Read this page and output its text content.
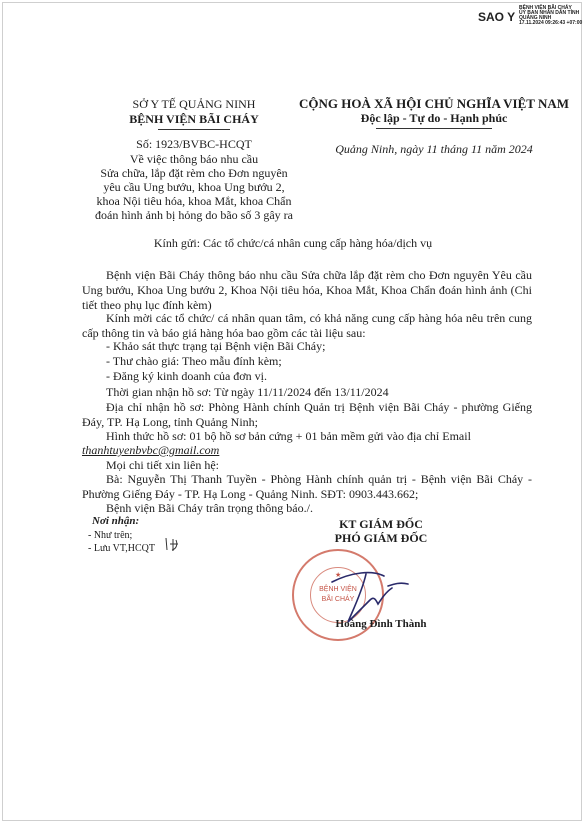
SAO Y
BỆNH VIỆN BÃI CHÁY
ỦY BAN NHÂN DÂN TỈNH
QUẢNG NINH
17.11.2024 09:26:43 +07:00
SỞ Y TẾ QUẢNG NINH
BỆNH VIỆN BÃI CHÁY
Số: 1923/BVBC-HCQT
Về việc thông báo nhu cầu
Sửa chữa, lắp đặt rèm cho Đơn nguyên
yêu cầu Ung bướu, khoa Ung bướu 2,
khoa Nội tiêu hóa, khoa Mắt, khoa Chẩn
đoán hình ảnh bị hỏng do bão số 3 gây ra
CỘNG HOÀ XÃ HỘI CHỦ NGHĨA VIỆT NAM
Độc lập - Tự do - Hạnh phúc
Quảng Ninh, ngày 11 tháng 11 năm 2024
Kính gửi: Các tổ chức/cá nhân cung cấp hàng hóa/dịch vụ
Bệnh viện Bãi Cháy thông báo nhu cầu Sửa chữa lắp đặt rèm cho Đơn nguyên Yêu cầu Ung bướu, Khoa Ung bướu 2, Khoa Nội tiêu hóa, Khoa Mắt, Khoa Chẩn đoán hình ảnh (Chi tiết theo phụ lục đính kèm)
Kính mời các tổ chức/ cá nhân quan tâm, có khả năng cung cấp hàng hóa nêu trên cung cấp thông tin và báo giá hàng hóa bao gồm các tài liệu sau:
- Khảo sát thực trạng tại Bệnh viện Bãi Cháy;
- Thư chào giá: Theo mẫu đính kèm;
- Đăng ký kinh doanh của đơn vị.
Thời gian nhận hồ sơ: Từ ngày 11/11/2024 đến 13/11/2024
Địa chỉ nhận hồ sơ: Phòng Hành chính Quản trị Bệnh viện Bãi Cháy - phường Giếng Đáy, TP. Hạ Long, tỉnh Quảng Ninh;
Hình thức hồ sơ: 01 bộ hồ sơ bản cứng + 01 bản mềm gửi vào địa chỉ Email
thanhtuyenbvbc@gmail.com
Mọi chi tiết xin liên hệ:
Bà: Nguyễn Thị Thanh Tuyền - Phòng Hành chính quản trị - Bệnh viện Bãi Cháy - Phường Giếng Đáy - TP. Hạ Long - Quảng Ninh. SĐT: 0903.443.662;
Bệnh viện Bãi Cháy trân trọng thông báo./.
Nơi nhận:
- Như trên;
- Lưu VT,HCQT
KT GIÁM ĐỐC
PHÓ GIÁM ĐỐC
★
BỆNH VIỆN
BÃI CHÁY
Hoàng Đình Thành
